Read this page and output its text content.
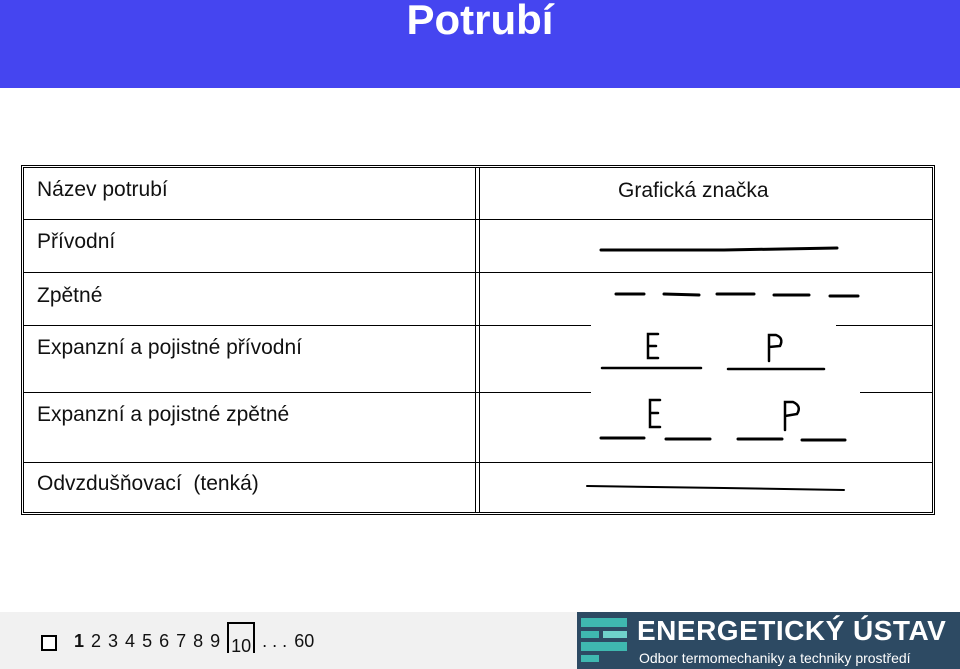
Potrubí
Název potrubí
Přívodní
Zpětné
Expanzní a pojistné přívodní
Expanzní a pojistné zpětné
Odvzdušňovací  (tenká)
Grafická značka
1 2 3 4 5 6 7 8 9 10 . . . 60	ENERGETICKÝ ÚSTAV
Odbor termomechaniky a techniky prostředí
